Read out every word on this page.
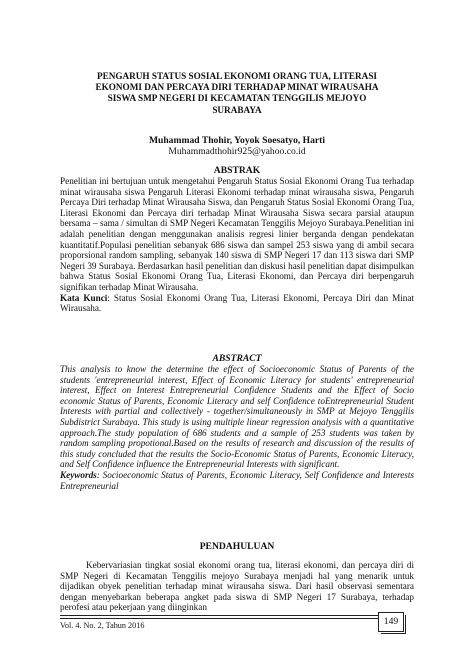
PENGARUH STATUS SOSIAL EKONOMI ORANG TUA, LITERASI EKONOMI DAN PERCAYA DIRI TERHADAP MINAT WIRAUSAHA SISWA SMP NEGERI DI KECAMATAN TENGGILIS MEJOYO SURABAYA
Muhammad Thohir, Yoyok Soesatyo, Harti
Muhammadthohir925@yahoo.co.id
ABSTRAK
Penelitian ini bertujuan untuk mengetahui Pengaruh Status Sosial Ekonomi Orang Tua terhadap minat wirausaha siswa Pengaruh Literasi Ekonomi terhadap minat wirausaha siswa, Pengaruh Percaya Diri terhadap Minat Wirausaha Siswa, dan Pengaruh Status Sosial Ekonomi Orang Tua, Literasi Ekonomi dan Percaya diri terhadap Minat Wirausaha Siswa secara parsial ataupun bersama – sama / simultan di SMP Negeri Kecamatan Tenggilis Mejoyo Surabaya.Penelitian ini adalah penelitian dengan menggunakan analisis regresi linier berganda dengan pendekatan kuantitatif.Populasi penelitian sebanyak 686 siswa dan sampel 253 siswa yang di ambil secara proporsional random sampling, sebanyak 140 siswa di SMP Negeri 17 dan 113 siswa dari SMP Negeri 39 Surabaya. Berdasarkan hasil penelitian dan diskusi hasil penelitian dapat disimpulkan bahwa Status Sosial Ekonomi Orang Tua, Literasi Ekonomi, dan Percaya diri berpengaruh signifikan terhadap Minat Wirausaha.
Kata Kunci: Status Sosial Ekonomi Orang Tua, Literasi Ekonomi, Percaya Diri dan Minat Wirausaha.
ABSTRACT
This analysis to know the determine the effect of Socioeconomic Status of Parents of the students 'entrepreneurial interest, Effect of Economic Literacy for students' entrepreneurial interest, Effect on Interest Entrepreneurial Confidence Students and the Effect of Socio economic Status of Parents, Economic Literacy and self Confidence toEntrepreneurial Student Interests with partial and collectively - together/simultaneously in SMP at Mejoyo Tenggilis Subdistrict Surabaya. This study is using multiple linear regression analysis with a quantitative approach.The study population of 686 students and a sample of 253 students was taken by random sampling propotional.Based on the results of research and discussion of the results of this study concluded that the results the Socio-Economic Status of Parents, Economic Literacy, and Self Confidence influence the Entrepreneurial Interests with significant.
Keywords: Socioeconomic Status of Parents, Economic Literacy, Self Confidence and Interests Entrepreneurial
PENDAHULUAN

Kebervariasian tingkat sosial ekonomi orang tua, literasi ekonomi, dan percaya diri di SMP Negeri di Kecamatan Tenggilis mejoyo Surabaya menjadi hal yang menarik untuk dijadikan obyek penelitian terhadap minat wirausaha siswa. Dari hasil observasi sementara dengan menyebarkan beberapa angket pada siswa di SMP Negeri 17 Surabaya, terhadap perofesi atau pekerjaan yang diinginkan

Vol. 4. No. 2, Tahun 2016	149
